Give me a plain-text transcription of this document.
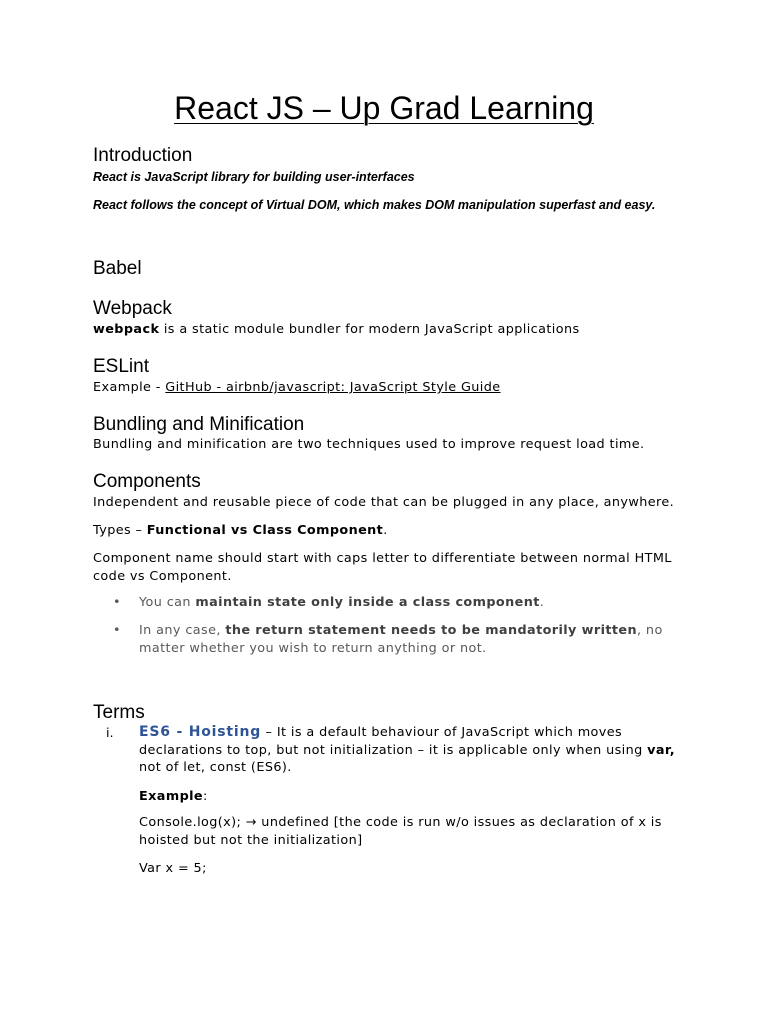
React JS – Up Grad Learning
Introduction
React is JavaScript library for building user-interfaces
React follows the concept of Virtual DOM, which makes DOM manipulation superfast and easy.
Babel
Webpack
webpack is a static module bundler for modern JavaScript applications
ESLint
Example - GitHub - airbnb/javascript: JavaScript Style Guide
Bundling and Minification
Bundling and minification are two techniques used to improve request load time.
Components
Independent and reusable piece of code that can be plugged in any place, anywhere.
Types – Functional vs Class Component.
Component name should start with caps letter to differentiate between normal HTML code vs Component.
• You can maintain state only inside a class component.
• In any case, the return statement needs to be mandatorily written, no matter whether you wish to return anything or not.
Terms
i. ES6 - Hoisting – It is a default behaviour of JavaScript which moves declarations to top, but not initialization – it is applicable only when using var, not of let, const (ES6).
Example:
Console.log(x); → undefined [the code is run w/o issues as declaration of x is hoisted but not the initialization]
Var x = 5;
